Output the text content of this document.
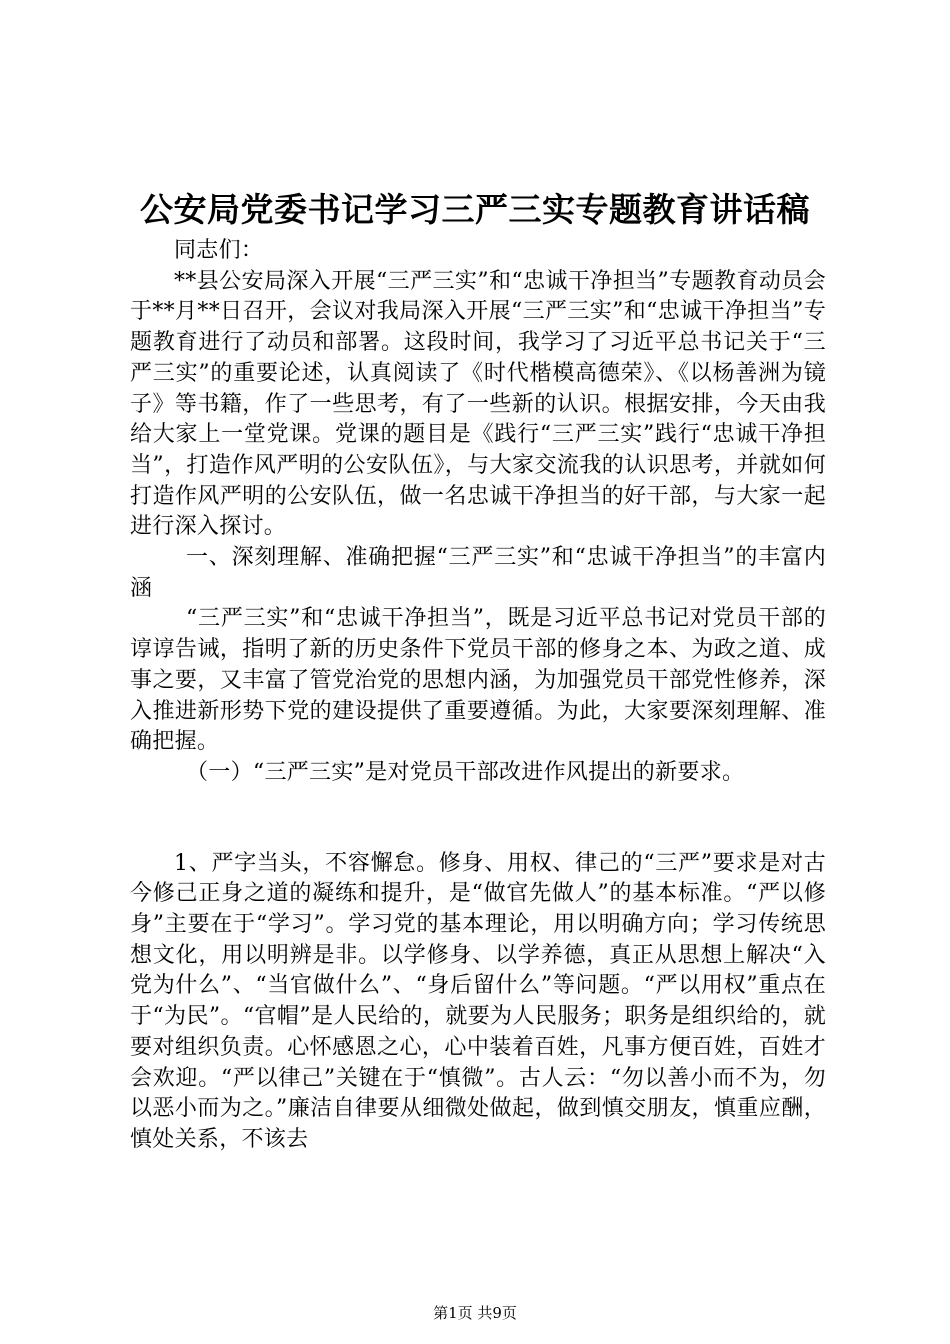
公安局党委书记学习三严三实专题教育讲话稿

同志们：

**县公安局深入开展“三严三实”和“忠诚干净担当”专题教育动员会于**月**日召开，会议对我局深入开展“三严三实”和“忠诚干净担当”专题教育进行了动员和部署。这段时间，我学习了习近平总书记关于“三严三实”的重要论述，认真阅读了《时代楷模高德荣》、《以杨善洲为镜子》等书籍，作了一些思考，有了一些新的认识。根据安排，今天由我给大家上一堂党课。党课的题目是《践行“三严三实”践行“忠诚干净担当”，打造作风严明的公安队伍》，与大家交流我的认识思考，并就如何打造作风严明的公安队伍，做一名忠诚干净担当的好干部，与大家一起进行深入探讨。

一、深刻理解、准确把握“三严三实”和“忠诚干净担当”的丰富内涵

“三严三实”和“忠诚干净担当”，既是习近平总书记对党员干部的谆谆告诫，指明了新的历史条件下党员干部的修身之本、为政之道、成事之要，又丰富了管党治党的思想内涵，为加强党员干部党性修养，深入推进新形势下党的建设提供了重要遵循。为此，大家要深刻理解、准确把握。

（一）“三严三实”是对党员干部改进作风提出的新要求。

1、严字当头，不容懈怠。修身、用权、律己的“三严”要求是对古今修己正身之道的凝练和提升，是“做官先做人”的基本标准。“严以修身”主要在于“学习”。学习党的基本理论，用以明确方向；学习传统思想文化，用以明辨是非。以学修身、以学养德，真正从思想上解决“入党为什么”、“当官做什么”、“身后留什么”等问题。“严以用权”重点在于“为民”。“官帽”是人民给的，就要为人民服务；职务是组织给的，就要对组织负责。心怀感恩之心，心中装着百姓，凡事方便百姓，百姓才会欢迎。“严以律己”关键在于“慎微”。古人云：“勿以善小而不为，勿以恶小而为之。”廉洁自律要从细微处做起，做到慎交朋友，慎重应酬，慎处关系，不该去

第1页 共9页
